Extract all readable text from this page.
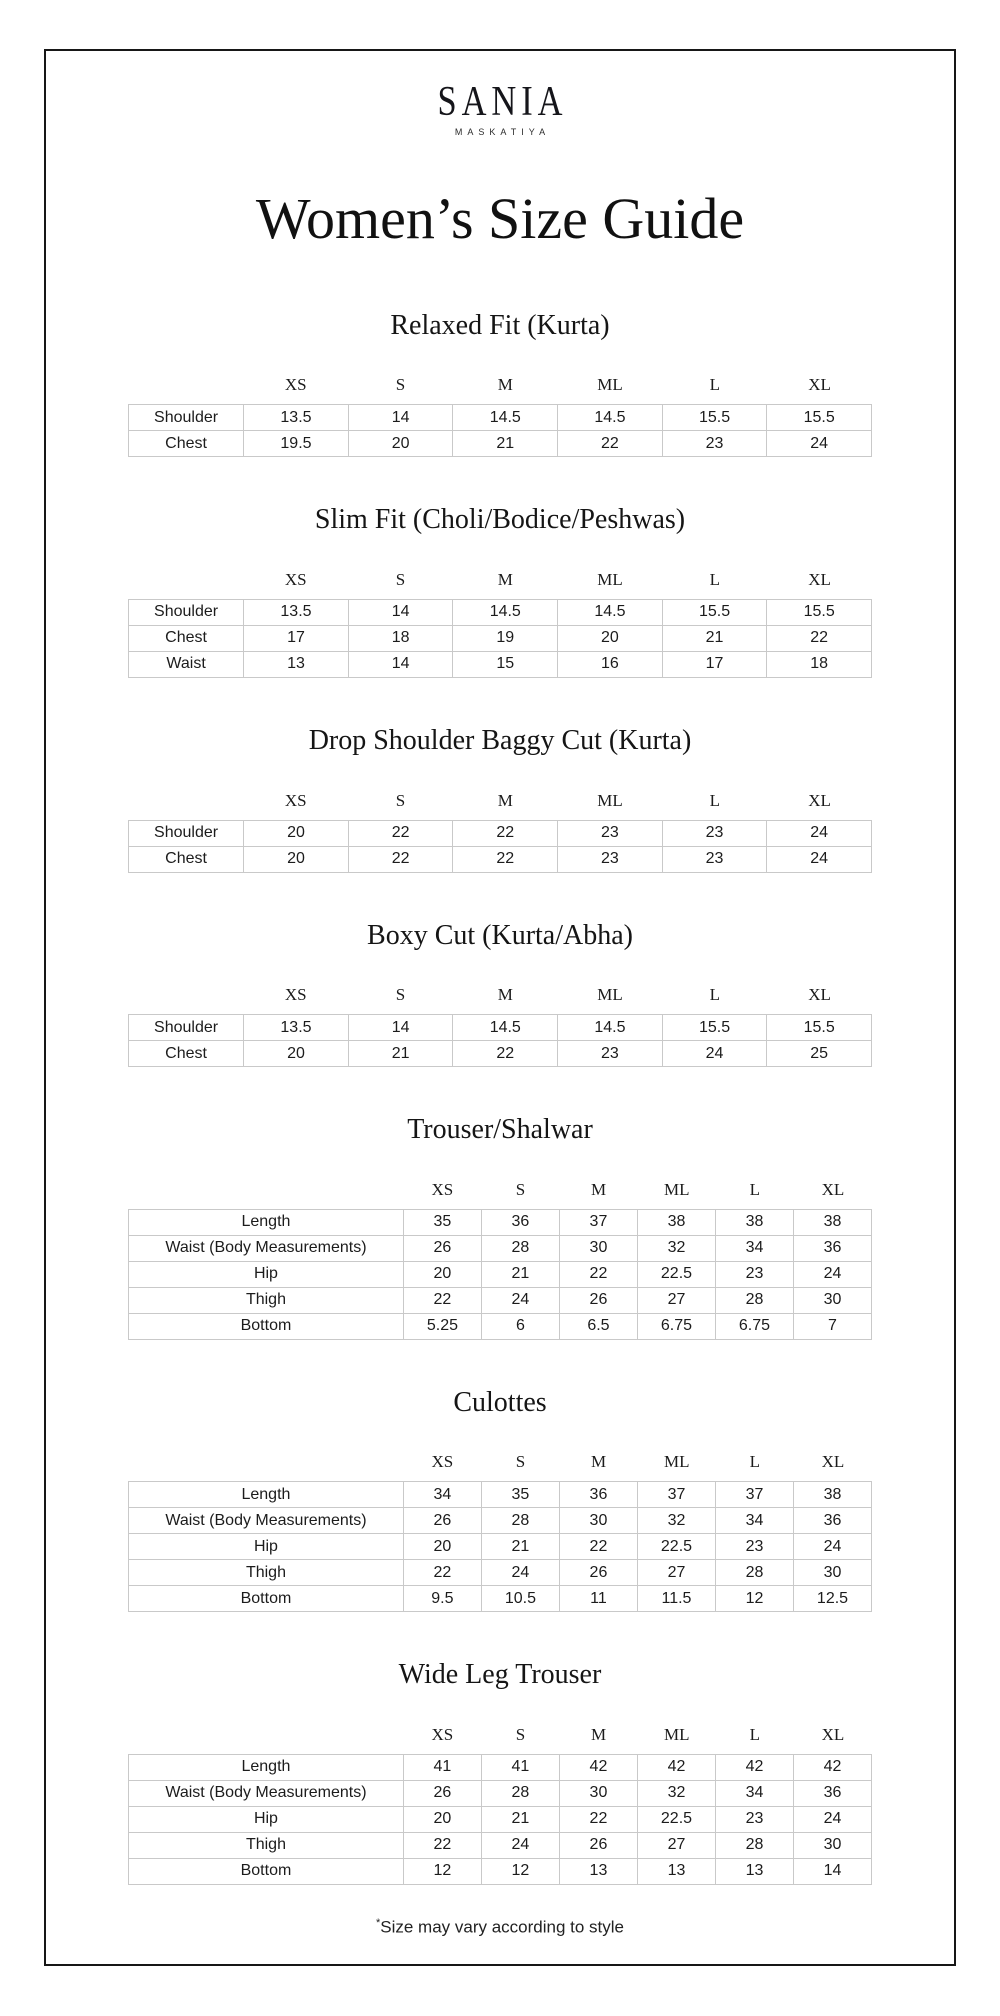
SANIA
MASKATIYA
Women’s Size Guide
Relaxed Fit (Kurta)
XS	S	M	ML	L	XL
Shoulder	13.5	14	14.5	14.5	15.5	15.5
Chest	19.5	20	21	22	23	24
Slim Fit (Choli/Bodice/Peshwas)
XS	S	M	ML	L	XL
Shoulder	13.5	14	14.5	14.5	15.5	15.5
Chest	17	18	19	20	21	22
Waist	13	14	15	16	17	18
Drop Shoulder Baggy Cut (Kurta)
XS	S	M	ML	L	XL
Shoulder	20	22	22	23	23	24
Chest	20	22	22	23	23	24
Boxy Cut (Kurta/Abha)
XS	S	M	ML	L	XL
Shoulder	13.5	14	14.5	14.5	15.5	15.5
Chest	20	21	22	23	24	25
Trouser/Shalwar
XS	S	M	ML	L	XL
Length	35	36	37	38	38	38
Waist (Body Measurements)	26	28	30	32	34	36
Hip	20	21	22	22.5	23	24
Thigh	22	24	26	27	28	30
Bottom	5.25	6	6.5	6.75	6.75	7
Culottes
XS	S	M	ML	L	XL
Length	34	35	36	37	37	38
Waist (Body Measurements)	26	28	30	32	34	36
Hip	20	21	22	22.5	23	24
Thigh	22	24	26	27	28	30
Bottom	9.5	10.5	11	11.5	12	12.5
Wide Leg Trouser
XS	S	M	ML	L	XL
Length	41	41	42	42	42	42
Waist (Body Measurements)	26	28	30	32	34	36
Hip	20	21	22	22.5	23	24
Thigh	22	24	26	27	28	30
Bottom	12	12	13	13	13	14
*Size may vary according to style
